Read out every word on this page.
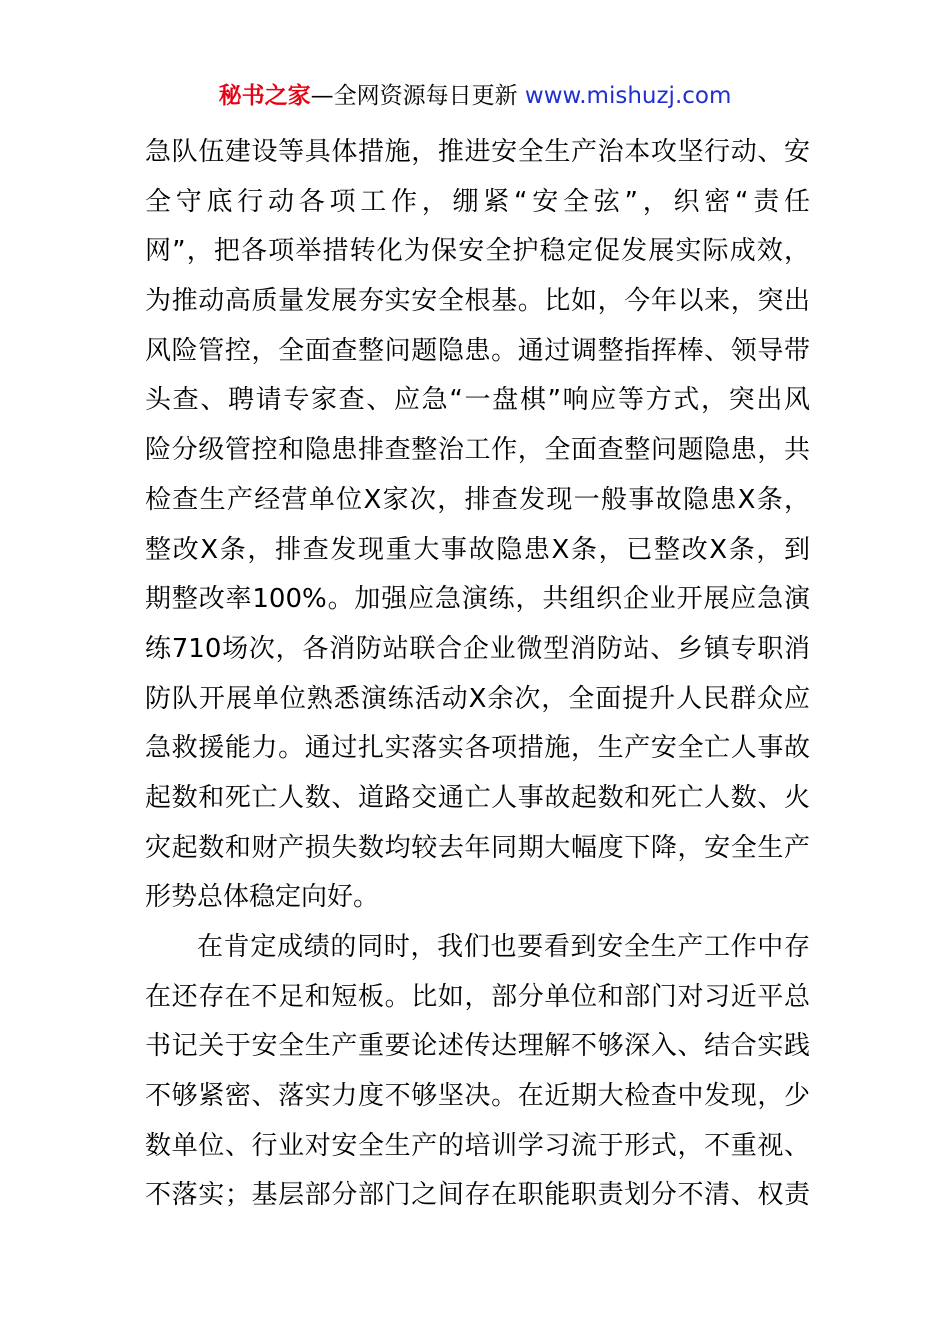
秘书之家—全网资源每日更新 www.mishuzj.com
急队伍建设等具体措施，推进安全生产治本攻坚行动、安
全守底行动各项工作，绷紧“安全弦”，织密“责任
网”，把各项举措转化为保安全护稳定促发展实际成效，
为推动高质量发展夯实安全根基。比如，今年以来，突出
风险管控，全面查整问题隐患。通过调整指挥棒、领导带
头查、聘请专家查、应急“一盘棋”响应等方式，突出风
险分级管控和隐患排查整治工作，全面查整问题隐患，共
检查生产经营单位X家次，排查发现一般事故隐患X条，
整改X条，排查发现重大事故隐患X条，已整改X条，到
期整改率100%。加强应急演练，共组织企业开展应急演
练710场次，各消防站联合企业微型消防站、乡镇专职消
防队开展单位熟悉演练活动X余次，全面提升人民群众应
急救援能力。通过扎实落实各项措施，生产安全亡人事故
起数和死亡人数、道路交通亡人事故起数和死亡人数、火
灾起数和财产损失数均较去年同期大幅度下降，安全生产
形势总体稳定向好。
在肯定成绩的同时，我们也要看到安全生产工作中存
在还存在不足和短板。比如，部分单位和部门对习近平总
书记关于安全生产重要论述传达理解不够深入、结合实践
不够紧密、落实力度不够坚决。在近期大检查中发现，少
数单位、行业对安全生产的培训学习流于形式，不重视、
不落实；基层部分部门之间存在职能职责划分不清、权责
